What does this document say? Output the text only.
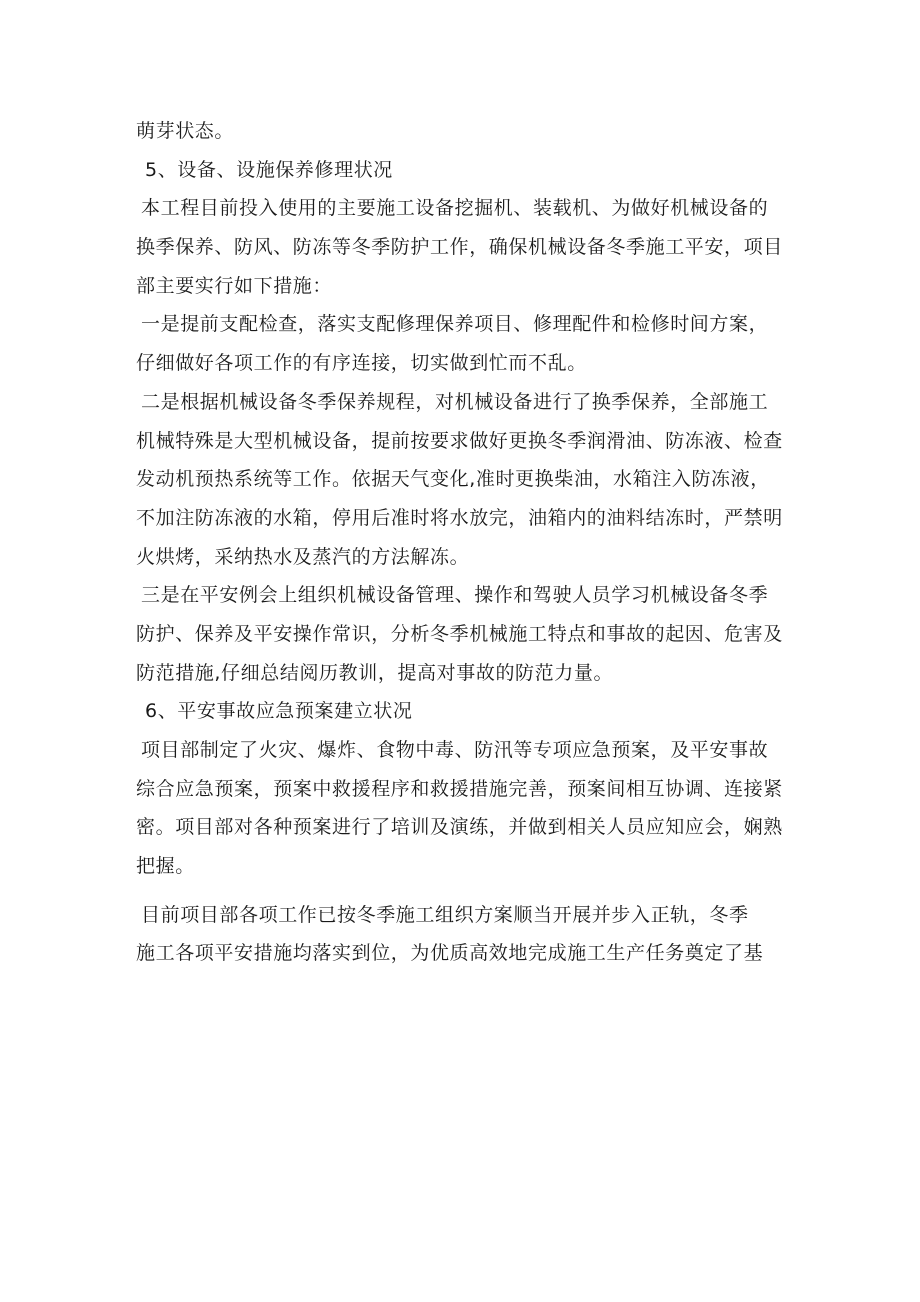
萌芽状态。
5、设备、设施保养修理状况
本工程目前投入使用的主要施工设备挖掘机、装载机、为做好机械设备的
换季保养、防风、防冻等冬季防护工作，确保机械设备冬季施工平安，项目
部主要实行如下措施：
一是提前支配检查，落实支配修理保养项目、修理配件和检修时间方案，
仔细做好各项工作的有序连接，切实做到忙而不乱。
二是根据机械设备冬季保养规程，对机械设备进行了换季保养，全部施工
机械特殊是大型机械设备，提前按要求做好更换冬季润滑油、防冻液、检查
发动机预热系统等工作。依据天气变化,准时更换柴油，水箱注入防冻液，
不加注防冻液的水箱，停用后准时将水放完，油箱内的油料结冻时，严禁明
火烘烤，采纳热水及蒸汽的方法解冻。
三是在平安例会上组织机械设备管理、操作和驾驶人员学习机械设备冬季
防护、保养及平安操作常识，分析冬季机械施工特点和事故的起因、危害及
防范措施,仔细总结阅历教训，提高对事故的防范力量。
6、平安事故应急预案建立状况
项目部制定了火灾、爆炸、食物中毒、防汛等专项应急预案，及平安事故
综合应急预案，预案中救援程序和救援措施完善，预案间相互协调、连接紧
密。项目部对各种预案进行了培训及演练，并做到相关人员应知应会，娴熟
把握。
目前项目部各项工作已按冬季施工组织方案顺当开展并步入正轨，冬季
施工各项平安措施均落实到位，为优质高效地完成施工生产任务奠定了基
